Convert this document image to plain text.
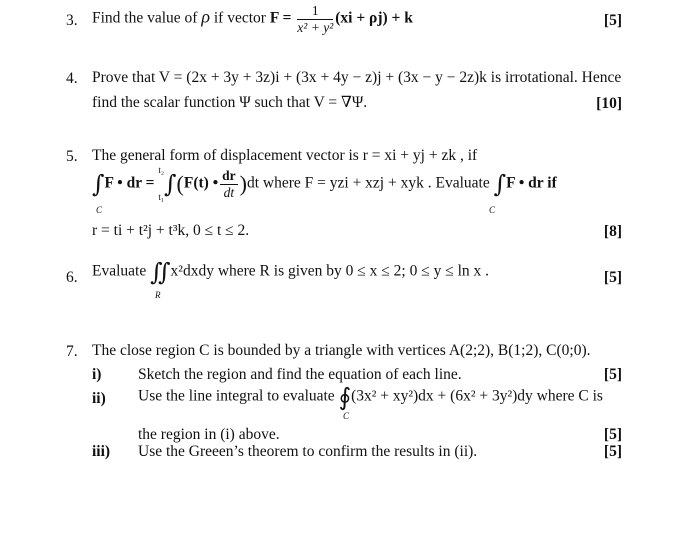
3. Find the value of ρ if vector $F = \frac{1}{\text{x² + y²}} (xi + \rho j) + k$	[5]
4. Prove that V = (2x + 3y + 3z)i + (3x + 4y − z)j + (3x − y − 2z)k is irrotational. Hence
find the scalar function Ψ such that V = ∇Ψ.	[10]
5. The general form of displacement vector is r = xi + yj + zk , if
∫F • dr =
t₂
t₁ ∫(F(t) • $\frac{dr}{dt} )dt$ where F = yzi + xzj + xyk . Evaluate ∫F • dr if
C	C
r = ti + t²j + t³k, 0 ≤ t ≤ 2.	[8]
6. Evaluate ∬x²dxdy where R is given by 0 ≤ x ≤ 2; 0 ≤ y ≤ ln x .
R
[5]
7. The close region C is bounded by a triangle with vertices A(2;2), B(1;2), C(0;0).
i) Sketch the region and find the equation of each line.	[5]
ii) Use the line integral to evaluate ∮(3x² + xy²)dx + (6x² + 3y²)dy where C is
C
the region in (i) above.	[5]
iii) Use the Greeen’s theorem to confirm the results in (ii).	[5]
